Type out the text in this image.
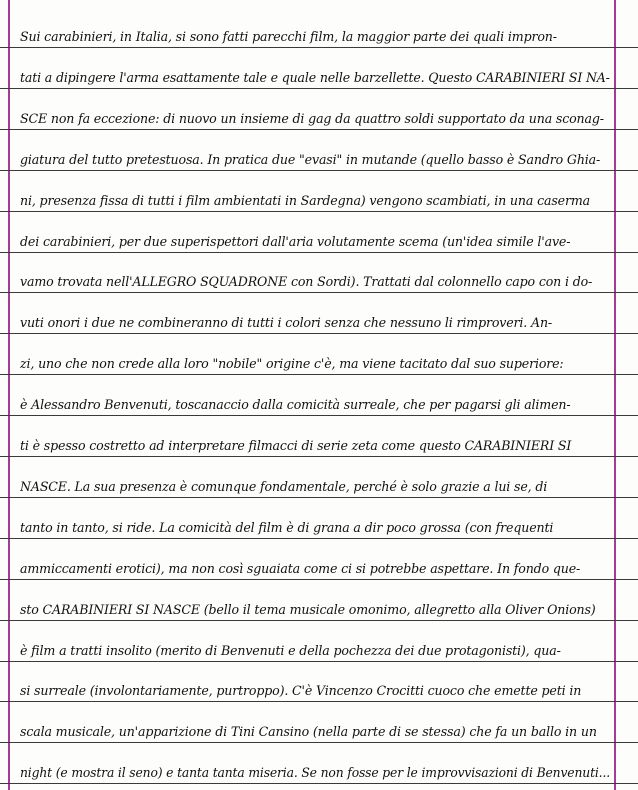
Sui carabinieri, in Italia, si sono fatti parecchi film, la maggior parte dei quali impron-
tati a dipingere l'arma esattamente tale e quale nelle barzellette. Questo CARABINIERI SI NA-
SCE non fa eccezione: di nuovo un insieme di gag da quattro soldi supportato da una sconag-
giatura del tutto pretestuosa. In pratica due "evasi" in mutande (quello basso è Sandro Ghia-
ni, presenza fissa di tutti i film ambientati in Sardegna) vengono scambiati, in una caserma
dei carabinieri, per due superispettori dall'aria volutamente scema (un'idea simile l'ave-
vamo trovata nell'ALLEGRO SQUADRONE con Sordi). Trattati dal colonnello capo con i do-
vuti onori i due ne combineranno di tutti i colori senza che nessuno li rimproveri. An-
zi, uno che non crede alla loro "nobile" origine c'è, ma viene tacitato dal suo superiore:
è Alessandro Benvenuti, toscanaccio dalla comicità surreale, che per pagarsi gli alimen-
ti è spesso costretto ad interpretare filmacci di serie zeta come questo CARABINIERI SI
NASCE. La sua presenza è comunque fondamentale, perché è solo grazie a lui se, di
tanto in tanto, si ride. La comicità del film è di grana a dir poco grossa (con frequenti
ammiccamenti erotici), ma non così sguaiata come ci si potrebbe aspettare. In fondo que-
sto CARABINIERI SI NASCE (bello il tema musicale omonimo, allegretto alla Oliver Onions)
è film a tratti insolito (merito di Benvenuti e della pochezza dei due protagonisti), qua-
si surreale (involontariamente, purtroppo). C'è Vincenzo Crocitti cuoco che emette peti in
scala musicale, un'apparizione di Tini Cansino (nella parte di se stessa) che fa un ballo in un
night (e mostra il seno) e tanta tanta miseria. Se non fosse per le improvvisazioni di Benvenuti...
